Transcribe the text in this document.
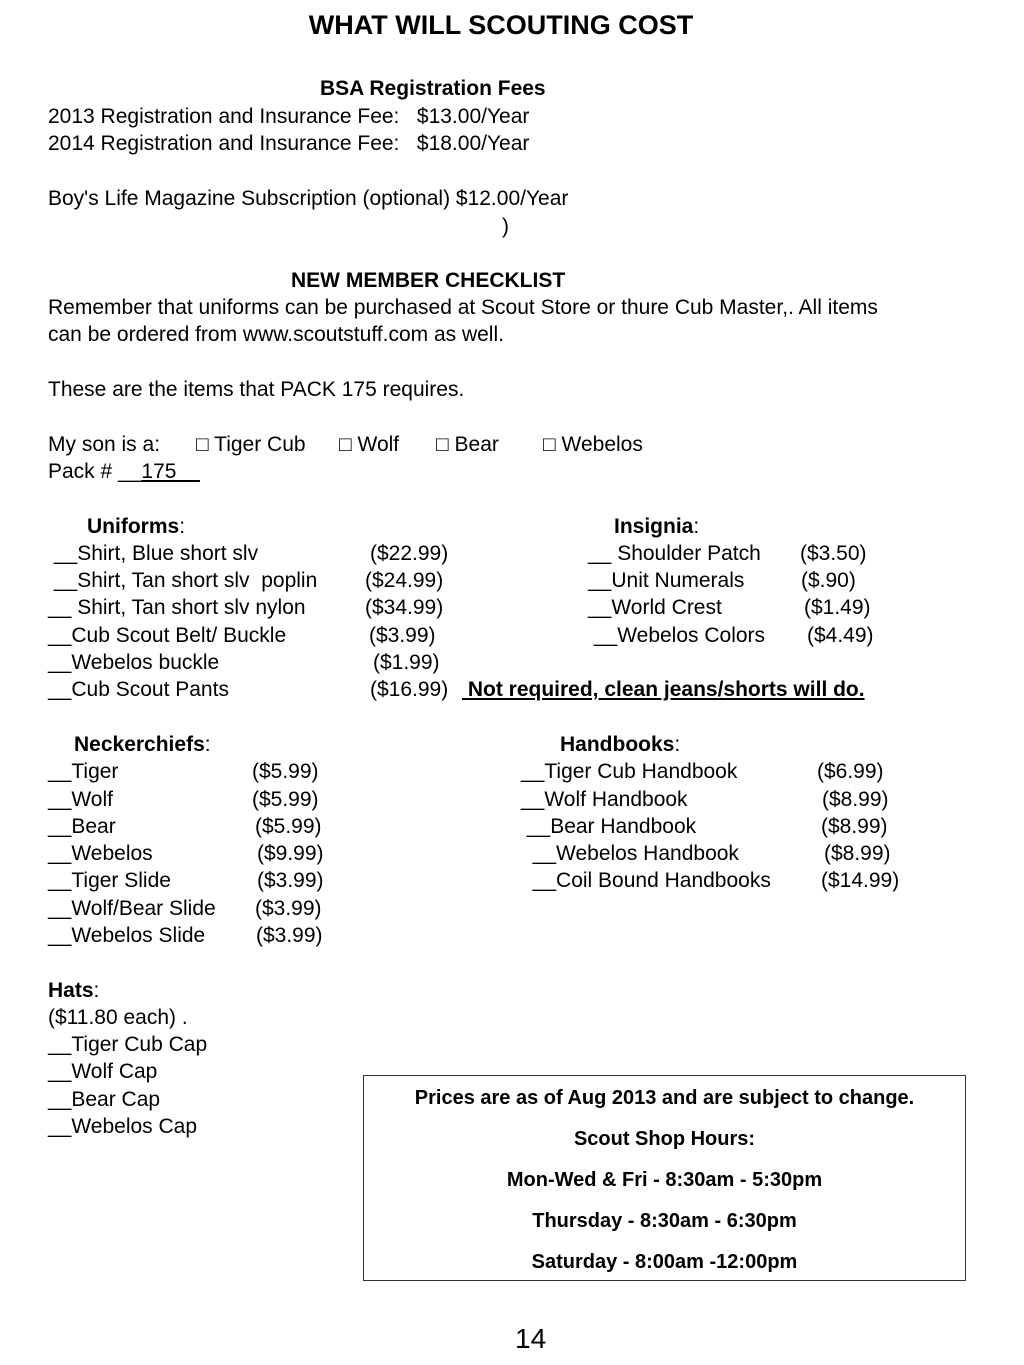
WHAT WILL SCOUTING COST
BSA Registration Fees
2013 Registration and Insurance Fee:   $13.00/Year
2014 Registration and Insurance Fee:   $18.00/Year
Boy's Life Magazine Subscription (optional) $12.00/Year
)
NEW MEMBER CHECKLIST
Remember that uniforms can be purchased at Scout Store or thure Cub Master,. All items
can be ordered from www.scoutstuff.com as well.
These are the items that PACK 175 requires.
My son is a: □ Tiger Cub □ Wolf □ Bear □ Webelos
Pack # __175__
Uniforms:
__Shirt, Blue short slv	($22.99)
__Shirt, Tan short slv  poplin ($24.99)
__ Shirt, Tan short slv nylon	($34.99)
__Cub Scout Belt/ Buckle	($3.99)
__Webelos buckle	($1.99)
__Cub Scout Pants	($16.99) Not required, clean jeans/shorts will do.
Insignia:
__ Shoulder Patch ($3.50)
__Unit Numerals	($.90)
__World Crest	($1.49)
__Webelos Colors ($4.49)
Neckerchiefs:
__Tiger	($5.99)
__Wolf	($5.99)
__Bear	($5.99)
__Webelos	($9.99)
__Tiger Slide	($3.99)
__Wolf/Bear Slide ($3.99)
__Webelos Slide ($3.99)
Handbooks:
__Tiger Cub Handbook	($6.99)
__Wolf Handbook	($8.99)
__Bear Handbook	($8.99)
__Webelos Handbook	($8.99)
__Coil Bound Handbooks ($14.99)
Hats:
($11.80 each) .
__Tiger Cub Cap
__Wolf Cap
__Bear Cap
__Webelos Cap
Prices are as of Aug 2013 and are subject to change.
Scout Shop Hours:
Mon-Wed & Fri - 8:30am - 5:30pm
Thursday - 8:30am - 6:30pm
Saturday - 8:00am -12:00pm
14
